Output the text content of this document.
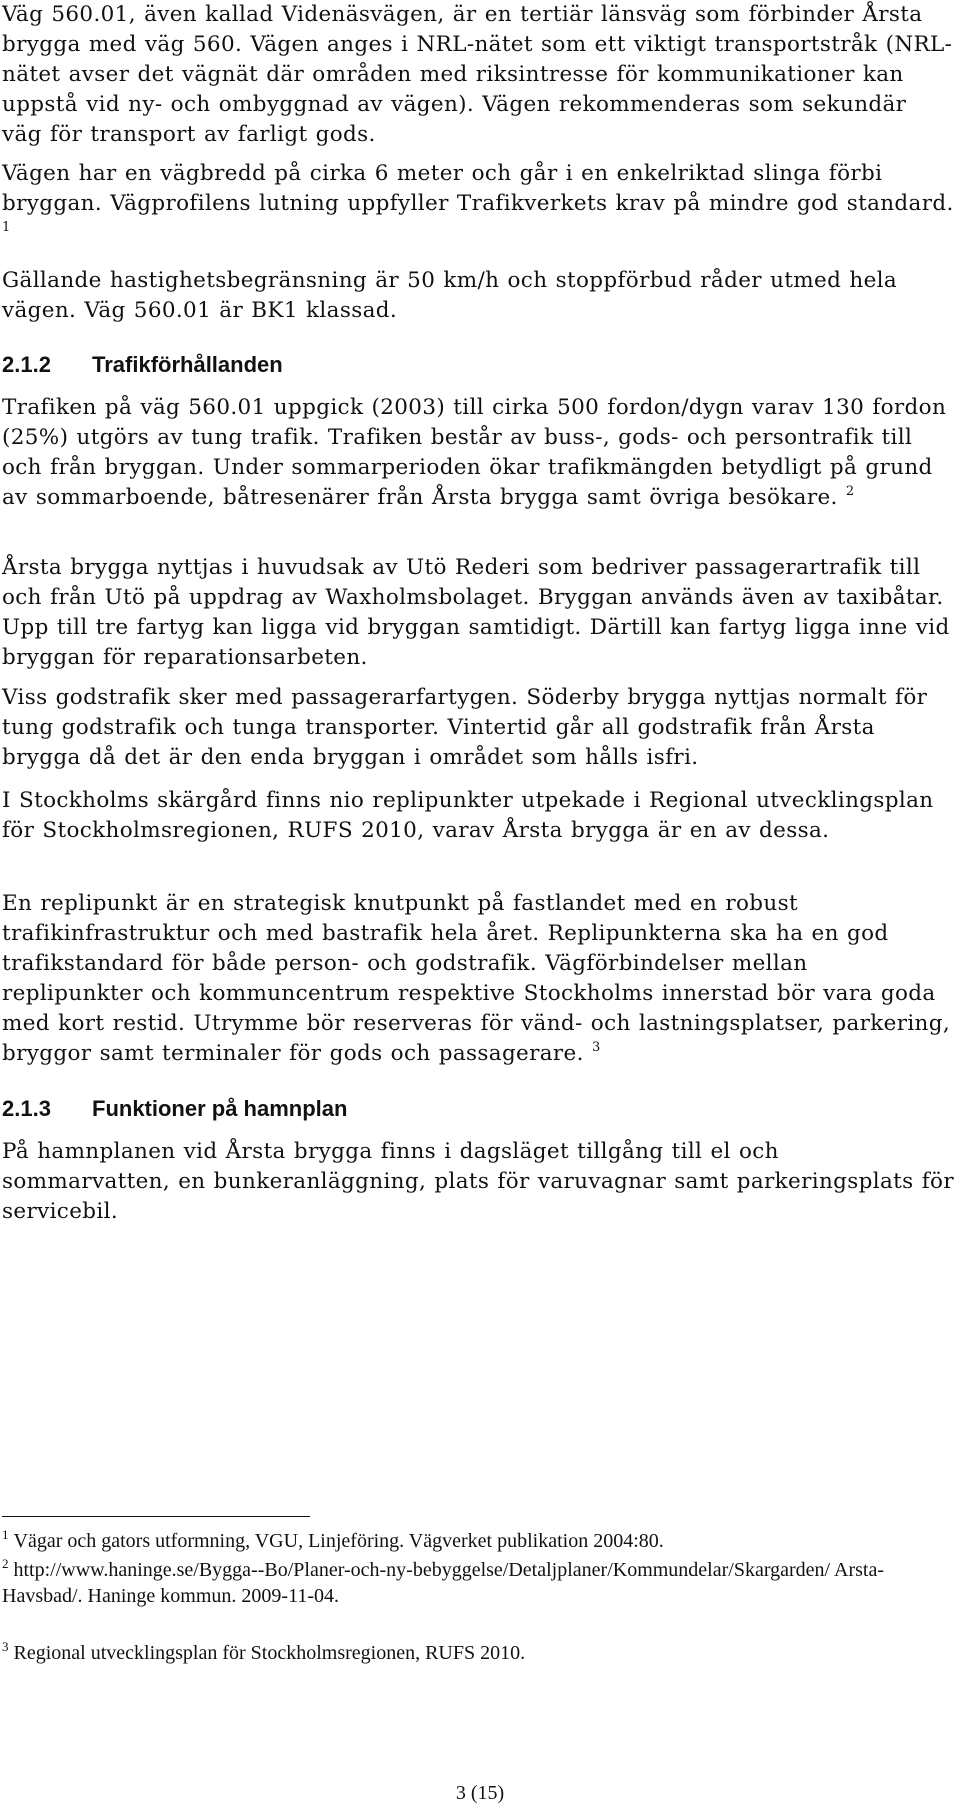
Väg 560.01, även kallad Videnäsvägen, är en tertiär länsväg som förbinder Årsta brygga med väg 560. Vägen anges i NRL-nätet som ett viktigt transportstråk (NRL-nätet avser det vägnät där områden med riksintresse för kommunikationer kan uppstå vid ny- och ombyggnad av vägen). Vägen rekommenderas som sekundär väg för transport av farligt gods.

Vägen har en vägbredd på cirka 6 meter och går i en enkelriktad slinga förbi bryggan. Vägprofilens lutning uppfyller Trafikverkets krav på mindre god standard. $^1$

Gällande hastighetsbegränsning är 50 km/h och stoppförbud råder utmed hela vägen. Väg 560.01 är BK1 klassad.

2.1.2 Trafikförhållanden

Trafiken på väg 560.01 uppgick (2003) till cirka 500 fordon/dygn varav 130 fordon (25%) utgörs av tung trafik. Trafiken består av buss-, gods- och persontrafik till och från bryggan. Under sommarperioden ökar trafikmängden betydligt på grund av sommarboende, båtresenärer från Årsta brygga samt övriga besökare. $^2$

Årsta brygga nyttjas i huvudsak av Utö Rederi som bedriver passagerartrafik till och från Utö på uppdrag av Waxholmsbolaget. Bryggan används även av taxibåtar. Upp till tre fartyg kan ligga vid bryggan samtidigt. Därtill kan fartyg ligga inne vid bryggan för reparationsarbeten.

Viss godstrafik sker med passagerarfartygen. Söderby brygga nyttjas normalt för tung godstrafik och tunga transporter. Vintertid går all godstrafik från Årsta brygga då det är den enda bryggan i området som hålls isfri.

I Stockholms skärgård finns nio replipunkter utpekade i Regional utvecklingsplan för Stockholmsregionen, RUFS 2010, varav Årsta brygga är en av dessa.

En replipunkt är en strategisk knutpunkt på fastlandet med en robust trafikinfrastruktur och med bastrafik hela året. Replipunkterna ska ha en god trafikstandard för både person- och godstrafik. Vägförbindelser mellan replipunkter och kommuncentrum respektive Stockholms innerstad bör vara goda med kort restid. Utrymme bör reserveras för vänd- och lastningsplatser, parkering, bryggor samt terminaler för gods och passagerare. $^3$

2.1.3 Funktioner på hamnplan

På hamnplanen vid Årsta brygga finns i dagsläget tillgång till el och sommarvatten, en bunkeranläggning, plats för varuvagnar samt parkeringsplats för servicebil.

$^1$ Vägar och gators utformning, VGU, Linjeföring. Vägverket publikation 2004:80.

$^2$ http://www.haninge.se/Bygga--Bo/Planer-och-ny-bebyggelse/Detaljplaner/Kommundelar/Skargarden/ Arsta-Havsbad/. Haninge kommun. 2009-11-04.

$^3$ Regional utvecklingsplan för Stockholmsregionen, RUFS 2010.

3 (15)
